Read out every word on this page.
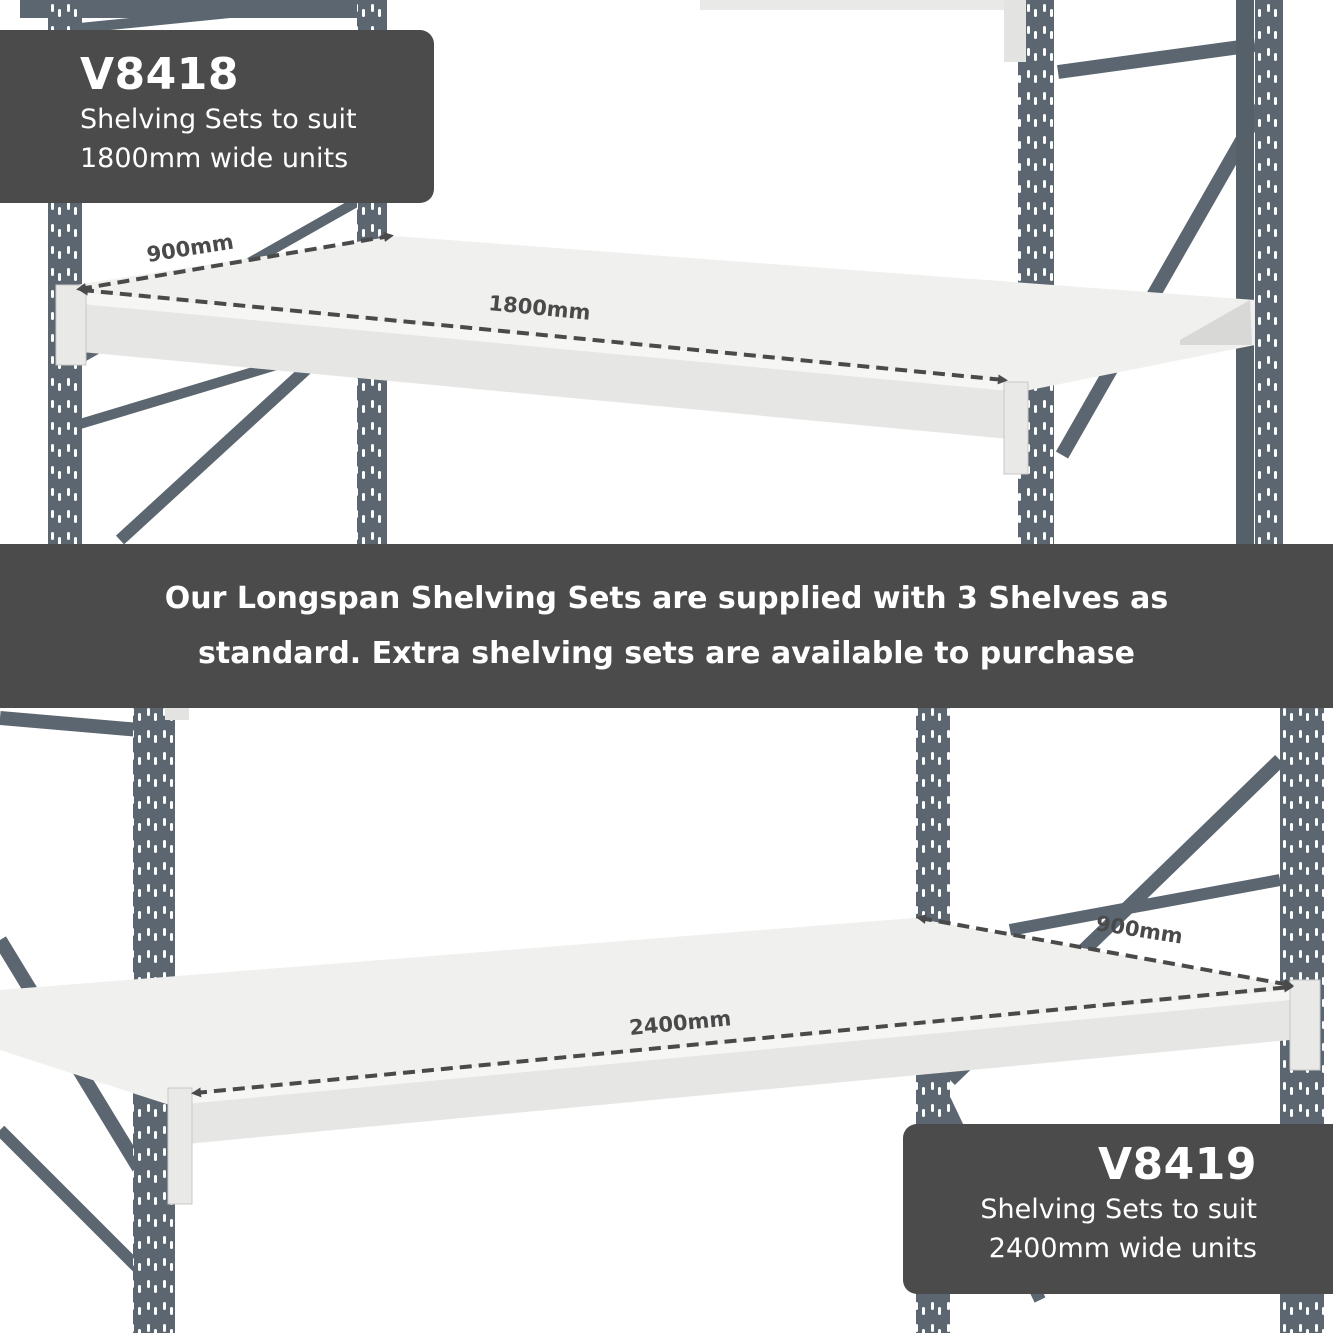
900mm
1800mm
900mm
2400mm
V8418
Shelving Sets to suit
1800mm wide units
Our Longspan Shelving Sets are supplied with 3 Shelves as standard. Extra shelving sets are available to purchase
V8419
Shelving Sets to suit
2400mm wide units
